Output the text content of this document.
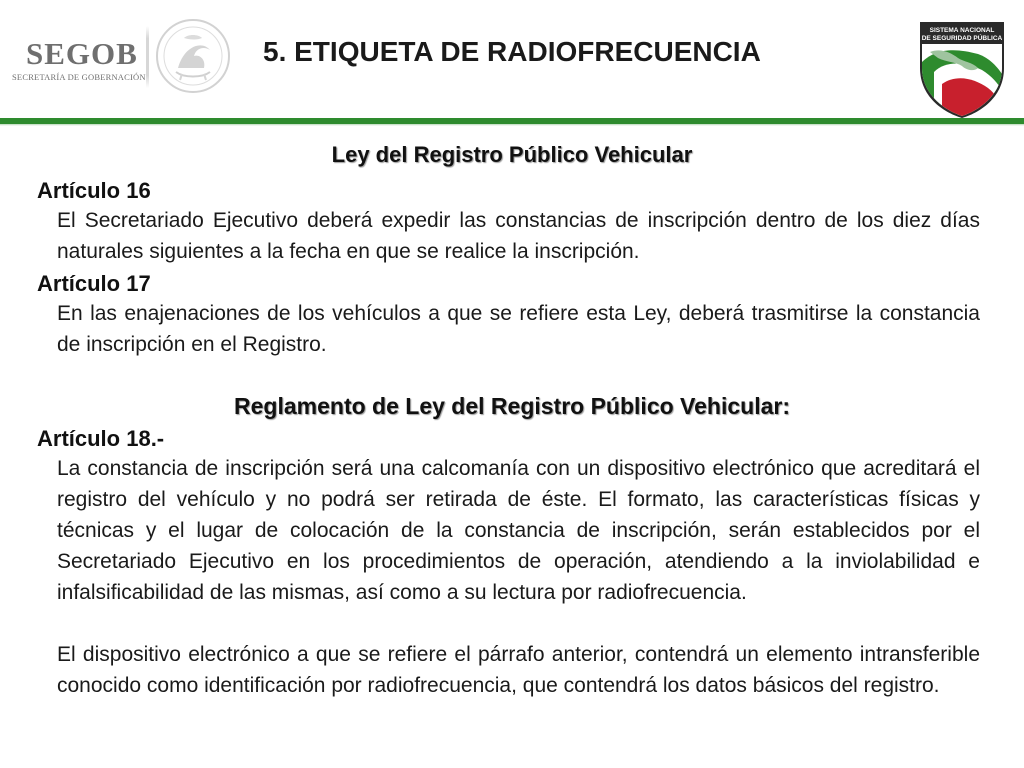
SEGOB
SECRETARÍA DE GOBERNACIÓN
5. ETIQUETA DE RADIOFRECUENCIA
SISTEMA NACIONAL
DE SEGURIDAD PÚBLICA
Ley del Registro Público Vehicular
Artículo 16

El Secretariado Ejecutivo deberá expedir las constancias de inscripción dentro de los diez días naturales siguientes a la fecha en que se realice la inscripción.

Artículo 17

En las enajenaciones de los vehículos a que se refiere esta Ley, deberá trasmitirse la constancia de inscripción en el Registro.

Reglamento de Ley del Registro Público Vehicular:
Artículo 18.-

La constancia de inscripción será una calcomanía con un dispositivo electrónico que acreditará el registro del vehículo y no podrá ser retirada de éste. El formato, las características físicas y técnicas y el lugar de colocación de la constancia de inscripción, serán establecidos por el Secretariado Ejecutivo en los procedimientos de operación, atendiendo a la inviolabilidad e infalsificabilidad de las mismas, así como a su lectura por radiofrecuencia.

El dispositivo electrónico a que se refiere el párrafo anterior, contendrá un elemento intransferible conocido como identificación por radiofrecuencia, que contendrá los datos básicos del registro.
